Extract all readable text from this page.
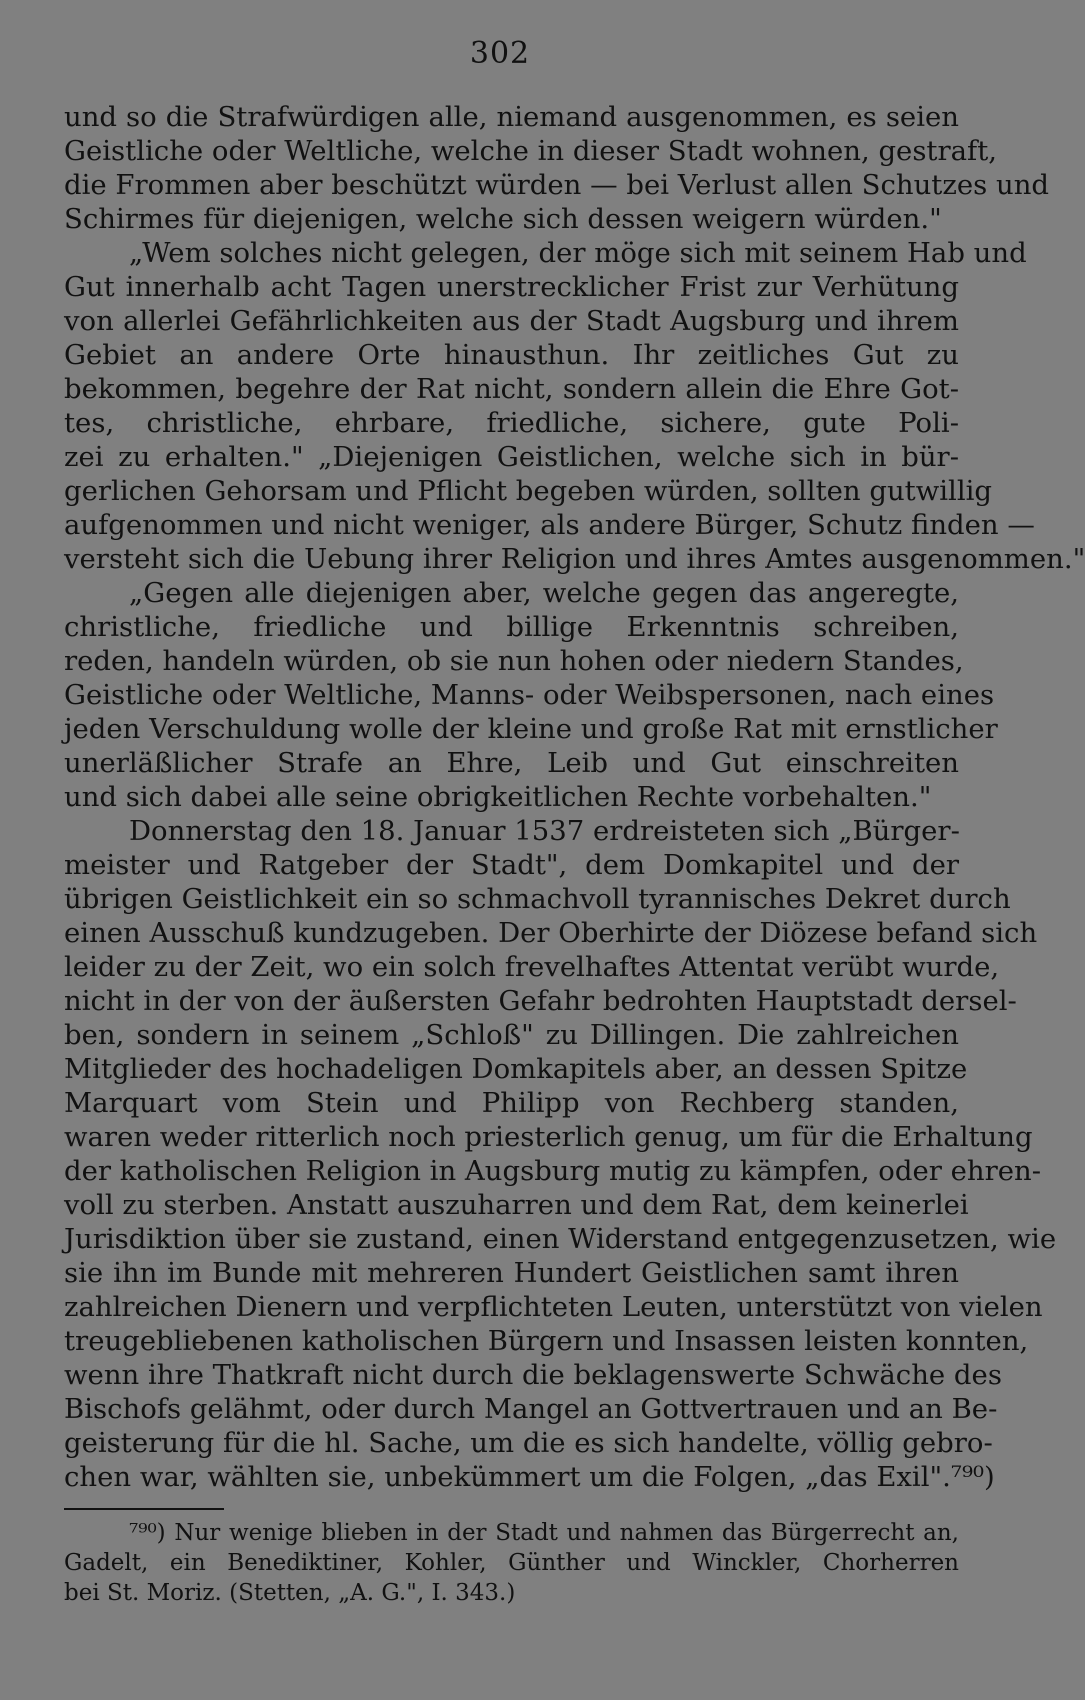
302
und so die Strafwürdigen alle, niemand ausgenommen, es seien
Geistliche oder Weltliche, welche in dieser Stadt wohnen, gestraft,
die Frommen aber beschützt würden — bei Verlust allen Schutzes und
Schirmes für diejenigen, welche sich dessen weigern würden."
„Wem solches nicht gelegen, der möge sich mit seinem Hab und
Gut innerhalb acht Tagen unerstrecklicher Frist zur Verhütung
von allerlei Gefährlichkeiten aus der Stadt Augsburg und ihrem
Gebiet an andere Orte hinausthun. Ihr zeitliches Gut zu
bekommen, begehre der Rat nicht, sondern allein die Ehre Got-
tes, christliche, ehrbare, friedliche, sichere, gute Poli-
zei zu erhalten." „Diejenigen Geistlichen, welche sich in bür-
gerlichen Gehorsam und Pflicht begeben würden, sollten gutwillig
aufgenommen und nicht weniger, als andere Bürger, Schutz finden —
versteht sich die Uebung ihrer Religion und ihres Amtes ausgenommen."
„Gegen alle diejenigen aber, welche gegen das angeregte,
christliche, friedliche und billige Erkenntnis schreiben,
reden, handeln würden, ob sie nun hohen oder niedern Standes,
Geistliche oder Weltliche, Manns- oder Weibspersonen, nach eines
jeden Verschuldung wolle der kleine und große Rat mit ernstlicher
unerläßlicher Strafe an Ehre, Leib und Gut einschreiten
und sich dabei alle seine obrigkeitlichen Rechte vorbehalten."
Donnerstag den 18. Januar 1537 erdreisteten sich „Bürger-
meister und Ratgeber der Stadt", dem Domkapitel und der
übrigen Geistlichkeit ein so schmachvoll tyrannisches Dekret durch
einen Ausschuß kundzugeben. Der Oberhirte der Diözese befand sich
leider zu der Zeit, wo ein solch frevelhaftes Attentat verübt wurde,
nicht in der von der äußersten Gefahr bedrohten Hauptstadt dersel-
ben, sondern in seinem „Schloß" zu Dillingen. Die zahlreichen
Mitglieder des hochadeligen Domkapitels aber, an dessen Spitze
Marquart vom Stein und Philipp von Rechberg standen,
waren weder ritterlich noch priesterlich genug, um für die Erhaltung
der katholischen Religion in Augsburg mutig zu kämpfen, oder ehren-
voll zu sterben. Anstatt auszuharren und dem Rat, dem keinerlei
Jurisdiktion über sie zustand, einen Widerstand entgegenzusetzen, wie
sie ihn im Bunde mit mehreren Hundert Geistlichen samt ihren
zahlreichen Dienern und verpflichteten Leuten, unterstützt von vielen
treugebliebenen katholischen Bürgern und Insassen leisten konnten,
wenn ihre Thatkraft nicht durch die beklagenswerte Schwäche des
Bischofs gelähmt, oder durch Mangel an Gottvertrauen und an Be-
geisterung für die hl. Sache, um die es sich handelte, völlig gebro-
chen war, wählten sie, unbekümmert um die Folgen, „das Exil".⁷⁹⁰)
⁷⁹⁰) Nur wenige blieben in der Stadt und nahmen das Bürgerrecht an,
Gadelt, ein Benediktiner, Kohler, Günther und Winckler, Chorherren
bei St. Moriz. (Stetten, „A. G.", I. 343.)
